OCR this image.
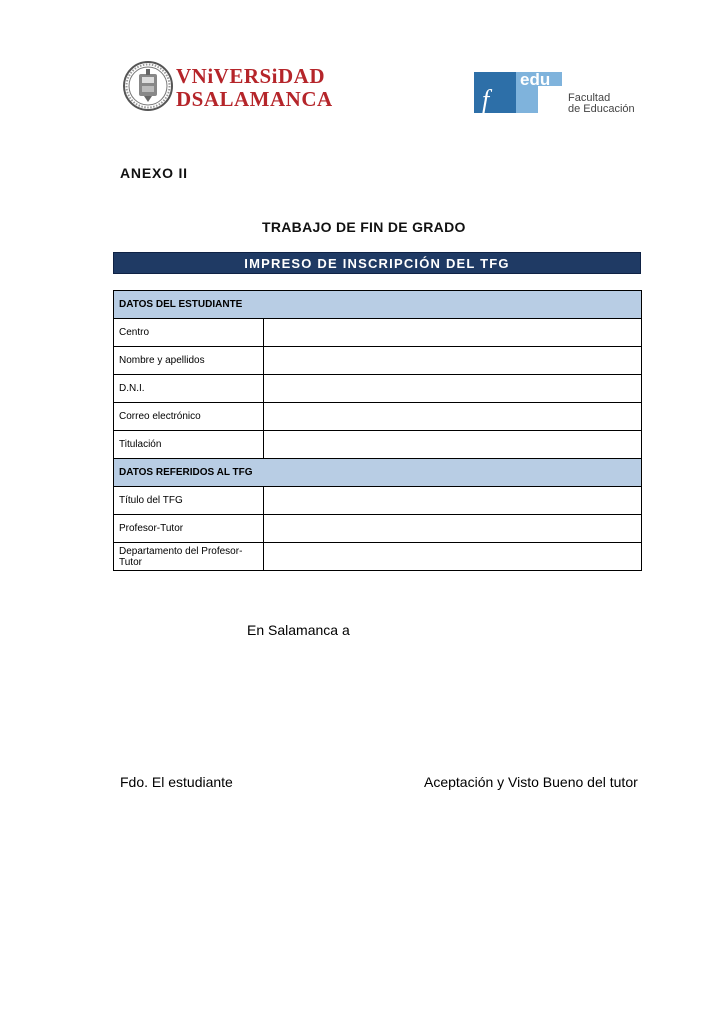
VNiVERSiDAD
DSALAMANCA	f
edu
Facultad
de Educación
ANEXO II
TRABAJO DE FIN DE GRADO
IMPRESO DE INSCRIPCIÓN DEL TFG
DATOS DEL ESTUDIANTE	
Centro	
Nombre y apellidos	
D.N.I.	
Correo electrónico	
Titulación	
DATOS REFERIDOS AL TFG	
Título del TFG	
Profesor-Tutor	
Departamento del Profesor-Tutor	
En Salamanca a
Fdo. El estudiante	Aceptación y Visto Bueno del tutor
